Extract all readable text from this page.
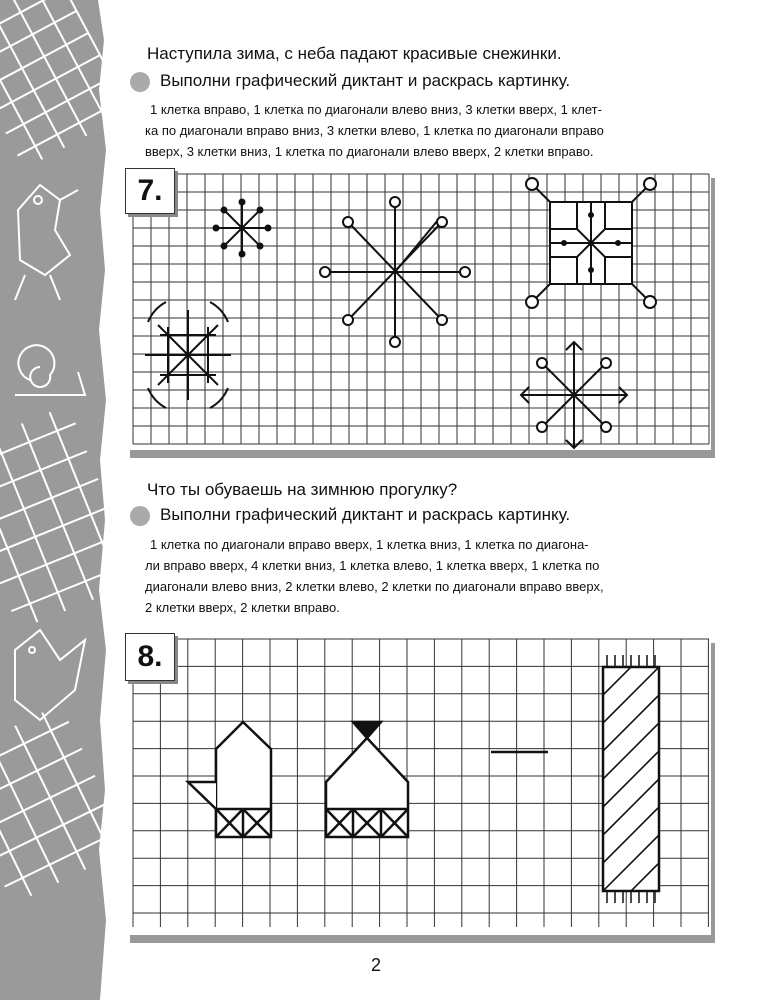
Наступила зима, с неба падают красивые снежинки.
Выполни графический диктант и раскрась картинку.
1 клетка вправо, 1 клетка по диагонали влево вниз, 3 клетки вверх, 1 клет-
ка по диагонали вправо вниз, 3 клетки влево, 1 клетка по диагонали вправо
вверх, 3 клетки вниз, 1 клетка по диагонали влево вверх, 2 клетки вправо.
7.
Что ты обуваешь на зимнюю прогулку?
Выполни графический диктант и раскрась картинку.
1 клетка по диагонали вправо вверх, 1 клетка вниз, 1 клетка по диагона-
ли вправо вверх, 4 клетки вниз, 1 клетка влево, 1 клетка вверх, 1 клетка по
диагонали влево вниз, 2 клетки влево, 2 клетки по диагонали вправо вверх,
2 клетки вверх, 2 клетки вправо.
8.
2
